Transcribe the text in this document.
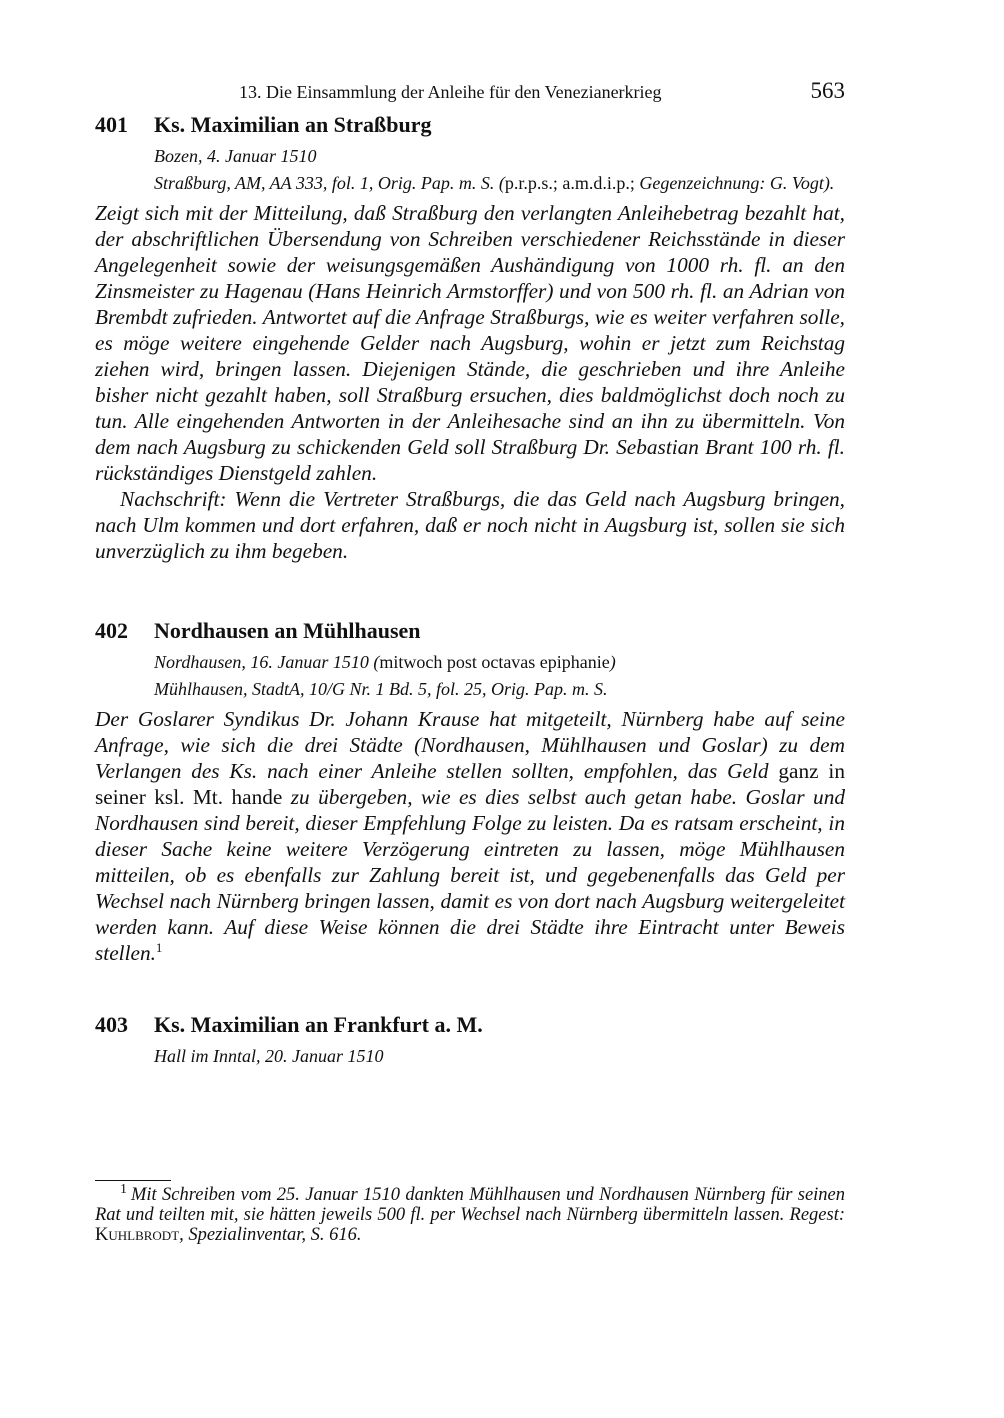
13. Die Einsammlung der Anleihe für den Venezianerkrieg	563
401	Ks. Maximilian an Straßburg

Bozen, 4. Januar 1510

Straßburg, AM, AA 333, fol. 1, Orig. Pap. m. S. (p.r.p.s.; a.m.d.i.p.; Gegenzeichnung: G. Vogt).

Zeigt sich mit der Mitteilung, daß Straßburg den verlangten Anleihebetrag bezahlt hat, der abschriftlichen Übersendung von Schreiben verschiedener Reichsstände in dieser Angelegenheit sowie der weisungsgemäßen Aushändigung von 1000 rh. fl. an den Zinsmeister zu Hagenau (Hans Heinrich Armstorffer) und von 500 rh. fl. an Adrian von Brembdt zufrieden. Antwortet auf die Anfrage Straßburgs, wie es weiter verfahren solle, es möge weitere eingehende Gelder nach Augsburg, wohin er jetzt zum Reichstag ziehen wird, bringen lassen. Diejenigen Stände, die geschrieben und ihre Anleihe bisher nicht gezahlt haben, soll Straßburg ersuchen, dies baldmöglichst doch noch zu tun. Alle eingehenden Antworten in der Anleihesache sind an ihn zu übermitteln. Von dem nach Augsburg zu schickenden Geld soll Straßburg Dr. Sebastian Brant 100 rh. fl. rückständiges Dienstgeld zahlen.

Nachschrift: Wenn die Vertreter Straßburgs, die das Geld nach Augsburg bringen, nach Ulm kommen und dort erfahren, daß er noch nicht in Augsburg ist, sollen sie sich unverzüglich zu ihm begeben.

402	Nordhausen an Mühlhausen

Nordhausen, 16. Januar 1510 (mitwoch post octavas epiphanie)

Mühlhausen, StadtA, 10/G Nr. 1 Bd. 5, fol. 25, Orig. Pap. m. S.

Der Goslarer Syndikus Dr. Johann Krause hat mitgeteilt, Nürnberg habe auf seine Anfrage, wie sich die drei Städte (Nordhausen, Mühlhausen und Goslar) zu dem Verlangen des Ks. nach einer Anleihe stellen sollten, empfohlen, das Geld ganz in seiner ksl. Mt. hande zu übergeben, wie es dies selbst auch getan habe. Goslar und Nordhausen sind bereit, dieser Empfehlung Folge zu leisten. Da es ratsam erscheint, in dieser Sache keine weitere Verzögerung eintreten zu lassen, möge Mühlhausen mitteilen, ob es ebenfalls zur Zahlung bereit ist, und gegebenenfalls das Geld per Wechsel nach Nürnberg bringen lassen, damit es von dort nach Augsburg weitergeleitet werden kann. Auf diese Weise können die drei Städte ihre Eintracht unter Beweis stellen.$^1$

403	Ks. Maximilian an Frankfurt a. M.

Hall im Inntal, 20. Januar 1510

$^1$ Mit Schreiben vom 25. Januar 1510 dankten Mühlhausen und Nordhausen Nürnberg für seinen Rat und teilten mit, sie hätten jeweils 500 fl. per Wechsel nach Nürnberg übermitteln lassen. Regest: Kuhlbrodt, Spezialinventar, S. 616.
